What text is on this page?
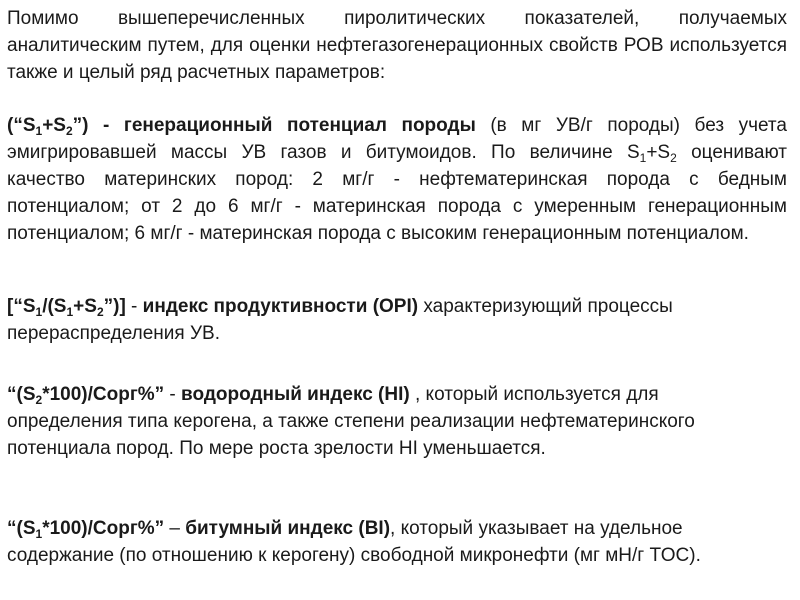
Помимо вышеперечисленных пиролитических показателей, получаемых аналитическим путем, для оценки нефтегазогенерационных свойств РОВ используется также и целый ряд расчетных параметров:

$(“S_1+S_2”)$ - генерационный потенциал породы (в мг УВ/г породы) без учета эмигрировавшей массы УВ газов и битумоидов. По величине $S_1+S_2$ оценивают качество материнских пород: 2 мг/г - нефтематеринская порода с бедным потенциалом; от 2 до 6 мг/г - материнская порода с умеренным генерационным потенциалом; 6 мг/г - материнская порода с высоким генерационным потенциалом.

$[“S_1/(S_1+S_2”)]$ - индекс продуктивности (OPI) характеризующий процессы перераспределения УВ.

“$(S_2*100)/Сорг\%$” - водородный индекс (HI) , который используется для определения типа керогена, а также степени реализации нефтематеринского потенциала пород. По мере роста зрелости HI уменьшается.

“$(S_1*100)/Сорг\%$” – битумный индекс (BI), который указывает на удельное содержание (по отношению к керогену) свободной микронефти (мг мН/г TOC).
